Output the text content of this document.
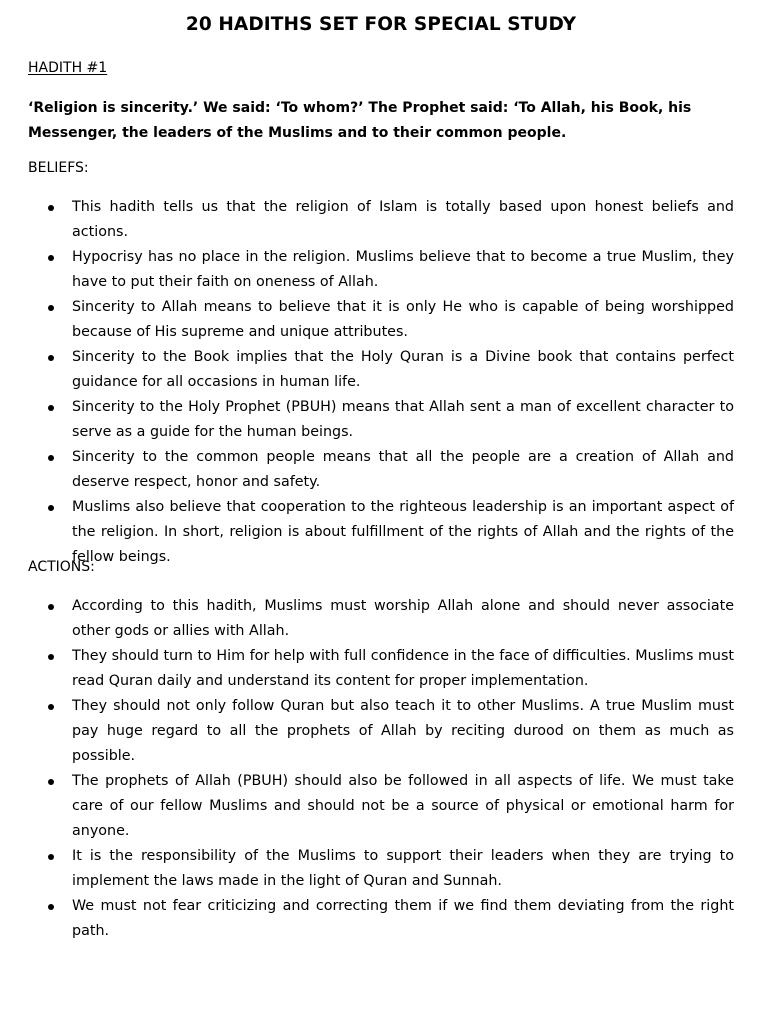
20 HADITHS SET FOR SPECIAL STUDY
HADITH #1

‘Religion is sincerity.’ We said: ‘To whom?’ The Prophet said: ‘To Allah, his Book, his Messenger, the leaders of the Muslims and to their common people.

BELIEFS:
This hadith tells us that the religion of Islam is totally based upon honest beliefs and actions.
Hypocrisy has no place in the religion. Muslims believe that to become a true Muslim, they have to put their faith on oneness of Allah.
Sincerity to Allah means to believe that it is only He who is capable of being worshipped because of His supreme and unique attributes.
Sincerity to the Book implies that the Holy Quran is a Divine book that contains perfect guidance for all occasions in human life.
Sincerity to the Holy Prophet (PBUH) means that Allah sent a man of excellent character to serve as a guide for the human beings.
Sincerity to the common people means that all the people are a creation of Allah and deserve respect, honor and safety.
Muslims also believe that cooperation to the righteous leadership is an important aspect of the religion. In short, religion is about fulfillment of the rights of Allah and the rights of the fellow beings.
ACTIONS:
According to this hadith, Muslims must worship Allah alone and should never associate other gods or allies with Allah.
They should turn to Him for help with full confidence in the face of difficulties. Muslims must read Quran daily and understand its content for proper implementation.
They should not only follow Quran but also teach it to other Muslims. A true Muslim must pay huge regard to all the prophets of Allah by reciting durood on them as much as possible.
The prophets of Allah (PBUH) should also be followed in all aspects of life. We must take care of our fellow Muslims and should not be a source of physical or emotional harm for anyone.
It is the responsibility of the Muslims to support their leaders when they are trying to implement the laws made in the light of Quran and Sunnah.
We must not fear criticizing and correcting them if we find them deviating from the right path.
